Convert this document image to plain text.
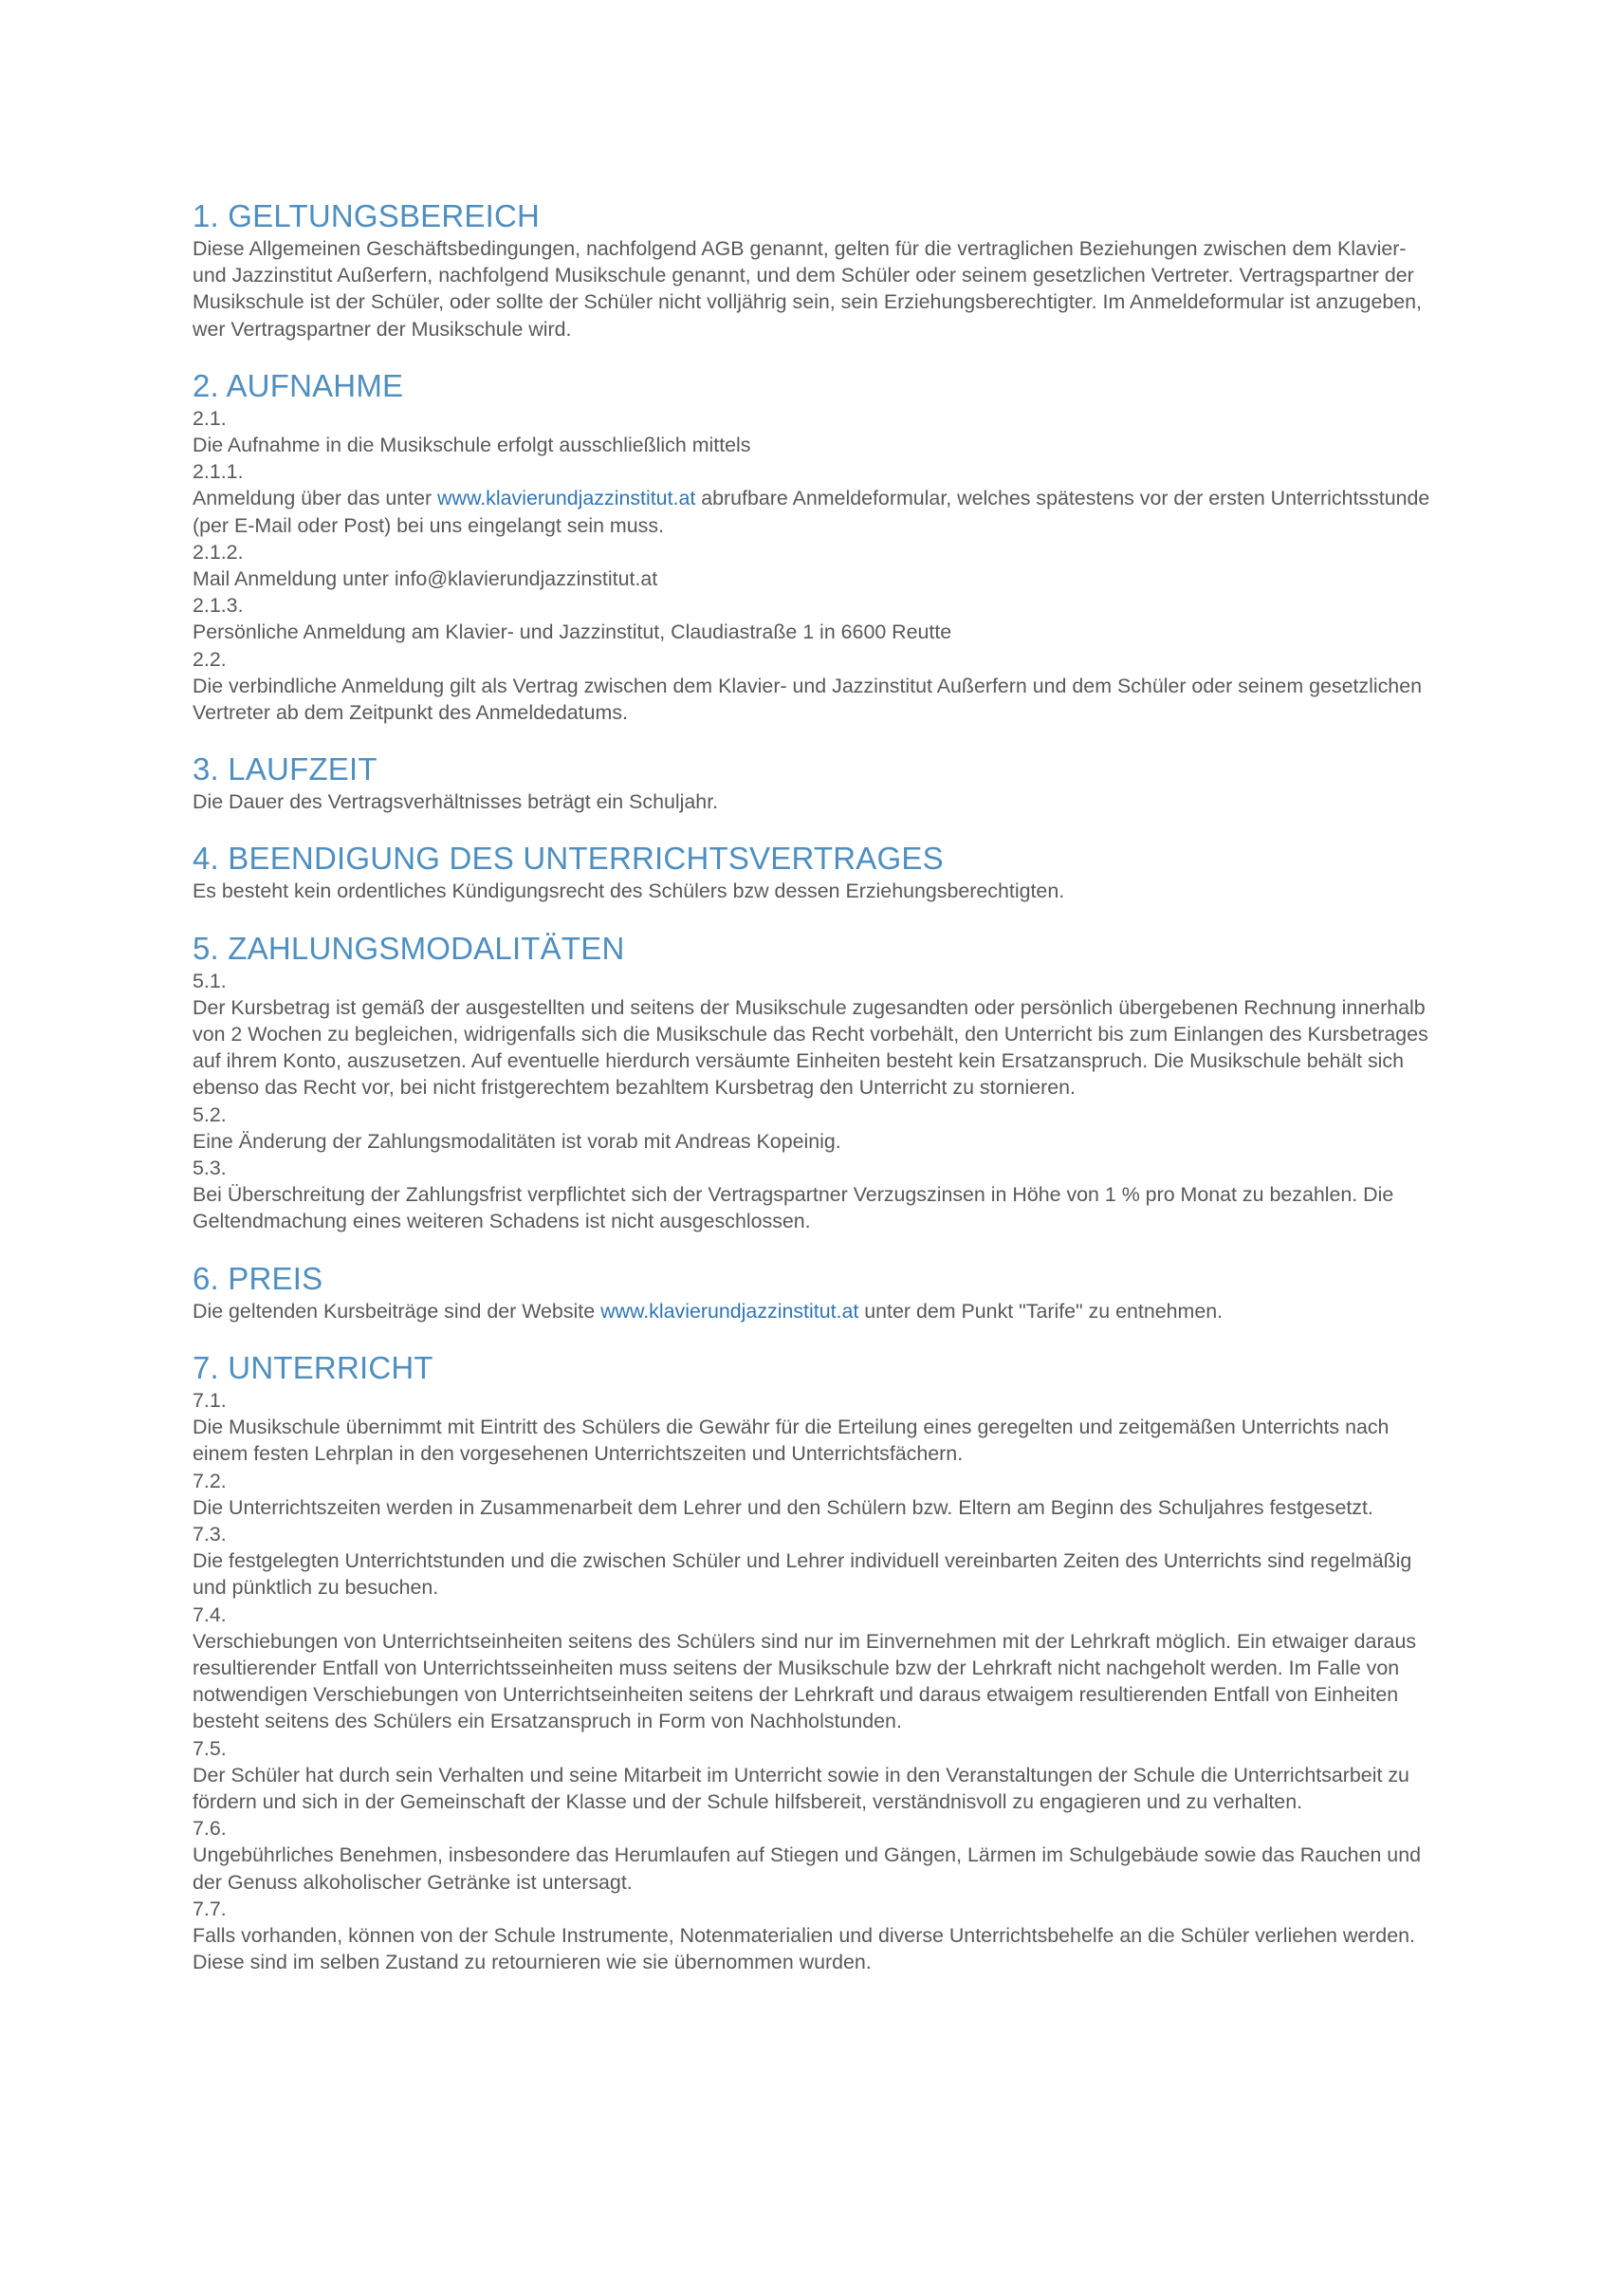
1. GELTUNGSBEREICH

Diese Allgemeinen Geschäftsbedingungen, nachfolgend AGB genannt, gelten für die vertraglichen Beziehungen zwischen dem Klavier- und Jazzinstitut Außerfern, nachfolgend Musikschule genannt, und dem Schüler oder seinem gesetzlichen Vertreter. Vertragspartner der Musikschule ist der Schüler, oder sollte der Schüler nicht volljährig sein, sein Erziehungsberechtigter. Im Anmeldeformular ist anzugeben, wer Vertragspartner der Musikschule wird.

2. AUFNAHME

2.1.

Die Aufnahme in die Musikschule erfolgt ausschließlich mittels

2.1.1.

Anmeldung über das unter www.klavierundjazzinstitut.at abrufbare Anmeldeformular, welches spätestens vor der ersten Unterrichtsstunde (per E-Mail oder Post) bei uns eingelangt sein muss.

2.1.2.

Mail Anmeldung unter info@klavierundjazzinstitut.at

2.1.3.

Persönliche Anmeldung am Klavier- und Jazzinstitut, Claudiastraße 1 in 6600 Reutte

2.2.

Die verbindliche Anmeldung gilt als Vertrag zwischen dem Klavier- und Jazzinstitut Außerfern und dem Schüler oder seinem gesetzlichen Vertreter ab dem Zeitpunkt des Anmeldedatums.

3. LAUFZEIT

Die Dauer des Vertragsverhältnisses beträgt ein Schuljahr.

4. BEENDIGUNG DES UNTERRICHTSVERTRAGES

Es besteht kein ordentliches Kündigungsrecht des Schülers bzw dessen Erziehungsberechtigten.

5. ZAHLUNGSMODALITÄTEN

5.1.

Der Kursbetrag ist gemäß der ausgestellten und seitens der Musikschule zugesandten oder persönlich übergebenen Rechnung innerhalb von 2 Wochen zu begleichen, widrigenfalls sich die Musikschule das Recht vorbehält, den Unterricht bis zum Einlangen des Kursbetrages auf ihrem Konto, auszusetzen. Auf eventuelle hierdurch versäumte Einheiten besteht kein Ersatzanspruch. Die Musikschule behält sich ebenso das Recht vor, bei nicht fristgerechtem bezahltem Kursbetrag den Unterricht zu stornieren.

5.2.

Eine Änderung der Zahlungsmodalitäten ist vorab mit Andreas Kopeinig.

5.3.

Bei Überschreitung der Zahlungsfrist verpflichtet sich der Vertragspartner Verzugszinsen in Höhe von 1 % pro Monat zu bezahlen. Die Geltendmachung eines weiteren Schadens ist nicht ausgeschlossen.

6. PREIS

Die geltenden Kursbeiträge sind der Website www.klavierundjazzinstitut.at unter dem Punkt "Tarife" zu entnehmen.

7. UNTERRICHT

7.1.

Die Musikschule übernimmt mit Eintritt des Schülers die Gewähr für die Erteilung eines geregelten und zeitgemäßen Unterrichts nach einem festen Lehrplan in den vorgesehenen Unterrichtszeiten und Unterrichtsfächern.

7.2.

Die Unterrichtszeiten werden in Zusammenarbeit dem Lehrer und den Schülern bzw. Eltern am Beginn des Schuljahres festgesetzt.

7.3.

Die festgelegten Unterrichtstunden und die zwischen Schüler und Lehrer individuell vereinbarten Zeiten des Unterrichts sind regelmäßig und pünktlich zu besuchen.

7.4.

Verschiebungen von Unterrichtseinheiten seitens des Schülers sind nur im Einvernehmen mit der Lehrkraft möglich. Ein etwaiger daraus resultierender Entfall von Unterrichtsseinheiten muss seitens der Musikschule bzw der Lehrkraft nicht nachgeholt werden. Im Falle von notwendigen Verschiebungen von Unterrichtseinheiten seitens der Lehrkraft und daraus etwaigem resultierenden Entfall von Einheiten besteht seitens des Schülers ein Ersatzanspruch in Form von Nachholstunden.

7.5.

Der Schüler hat durch sein Verhalten und seine Mitarbeit im Unterricht sowie in den Veranstaltungen der Schule die Unterrichtsarbeit zu fördern und sich in der Gemeinschaft der Klasse und der Schule hilfsbereit, verständnisvoll zu engagieren und zu verhalten.

7.6.

Ungebührliches Benehmen, insbesondere das Herumlaufen auf Stiegen und Gängen, Lärmen im Schulgebäude sowie das Rauchen und der Genuss alkoholischer Getränke ist untersagt.

7.7.

Falls vorhanden, können von der Schule Instrumente, Notenmaterialien und diverse Unterrichtsbehelfe an die Schüler verliehen werden. Diese sind im selben Zustand zu retournieren wie sie übernommen wurden.
